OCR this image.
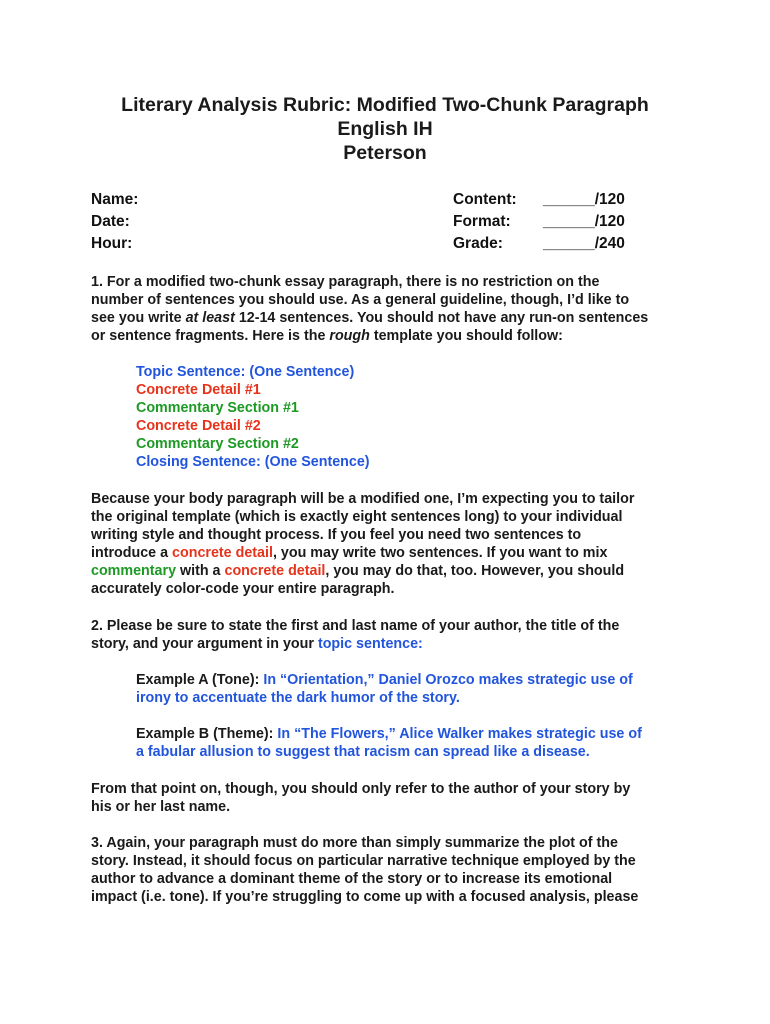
Literary Analysis Rubric: Modified Two-Chunk Paragraph
English IH
Peterson
Name:	Content: ______/120
Date:	Format: ______/120
Hour:	Grade:	______/240
1. For a modified two-chunk essay paragraph, there is no restriction on the
number of sentences you should use. As a general guideline, though, I’d like to
see you write at least 12-14 sentences. You should not have any run-on sentences
or sentence fragments. Here is the rough template you should follow:
Topic Sentence: (One Sentence)
Concrete Detail #1
Commentary Section #1
Concrete Detail #2
Commentary Section #2
Closing Sentence: (One Sentence)
Because your body paragraph will be a modified one, I’m expecting you to tailor
the original template (which is exactly eight sentences long) to your individual
writing style and thought process. If you feel you need two sentences to
introduce a concrete detail, you may write two sentences. If you want to mix
commentary with a concrete detail, you may do that, too. However, you should
accurately color-code your entire paragraph.
2. Please be sure to state the first and last name of your author, the title of the
story, and your argument in your topic sentence:
Example A (Tone): In “Orientation,” Daniel Orozco makes strategic use of
irony to accentuate the dark humor of the story.
Example B (Theme): In “The Flowers,” Alice Walker makes strategic use of
a fabular allusion to suggest that racism can spread like a disease.
From that point on, though, you should only refer to the author of your story by
his or her last name.
3. Again, your paragraph must do more than simply summarize the plot of the
story. Instead, it should focus on particular narrative technique employed by the
author to advance a dominant theme of the story or to increase its emotional
impact (i.e. tone). If you’re struggling to come up with a focused analysis, please
